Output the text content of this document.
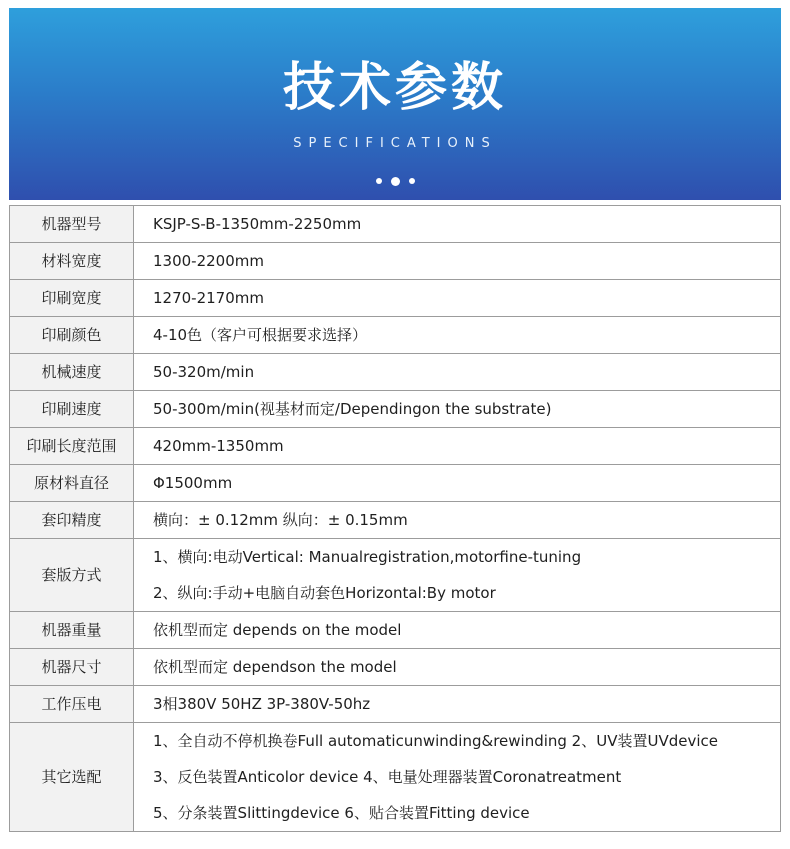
技术参数
SPECIFICATIONS
机器型号	KSJP-S-B-1350mm-2250mm

材料宽度	1300-2200mm

印刷宽度	1270-2170mm

印刷颜色	4-10色（客户可根据要求选择）

机械速度	50-320m/min

印刷速度	50-300m/min(视基材而定/Dependingon the substrate)

印刷长度范围	420mm-1350mm

原材料直径	Φ1500mm

套印精度	横向：± 0.12mm 纵向：± 0.15mm

套版方式	1、横向:电动Vertical: Manualregistration,motorfine-tuning
2、纵向:手动+电脑自动套色Horizontal:By motor

机器重量	依机型而定 depends on the model

机器尺寸	依机型而定 dependson the model

工作压电	3相380V 50HZ 3P-380V-50hz

其它选配	1、全自动不停机换卷Full automaticunwinding&rewinding 2、UV装置UVdevice
3、反色装置Anticolor device 4、电量处理器装置Coronatreatment
5、分条装置Slittingdevice 6、贴合装置Fitting device
